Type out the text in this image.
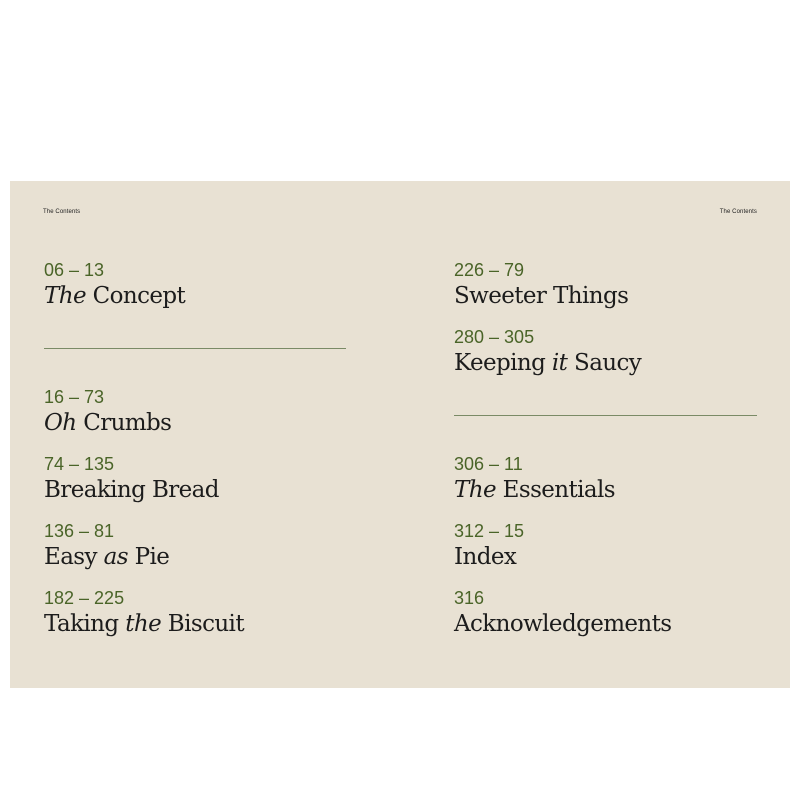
The Contents	The Contents
06 – 13
The Concept
16 – 73
Oh Crumbs
74 – 135
Breaking Bread
136 – 81
Easy as Pie
182 – 225
Taking the Biscuit
226 – 79
Sweeter Things
280 – 305
Keeping it Saucy
306 – 11
The Essentials
312 – 15
Index
316
Acknowledgements
